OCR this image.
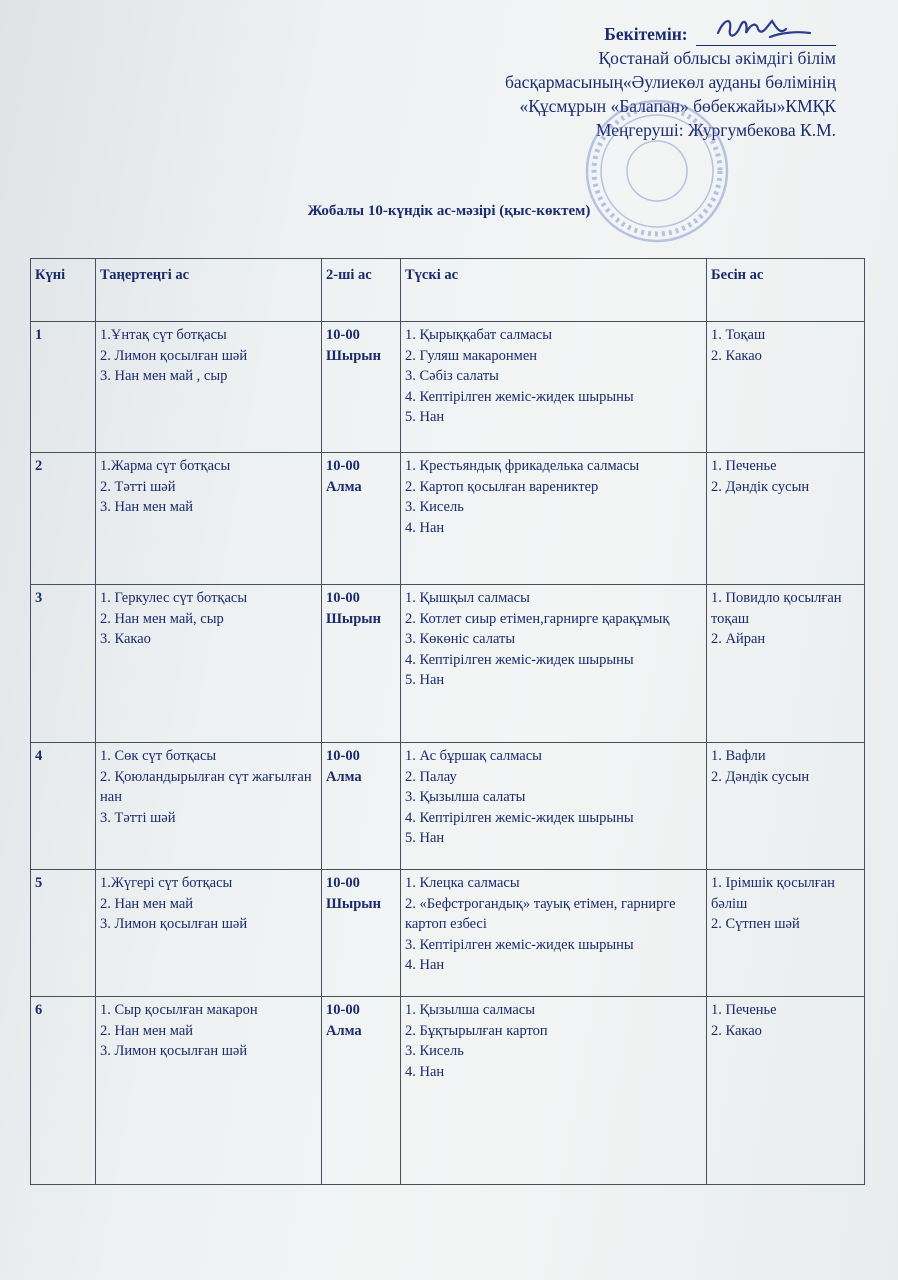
Бекітемін:
Қостанай облысы әкімдігі білім
басқармасының«Әулиекөл ауданы бөлімінің
«Құсмұрын «Балапан» бөбекжайы»КМҚК
Меңгеруші: Жургумбекова К.М.
Жобалы 10-күндік ас-мәзірі (қыс-көктем)
Күні	Таңертеңгі ас	2-ші ас	Түскі ас	Бесін ас
1	1.Ұнтақ сүт ботқасы
2. Лимон қосылған шәй
3. Нан мен май , сыр	10-00
Шырын	1. Қырыққабат салмасы
2. Гуляш макаронмен
3. Сәбіз салаты
4. Кептірілген жеміс-жидек шырыны
5. Нан	1. Тоқаш
2. Какао

2	1.Жарма сүт ботқасы
2. Тәтті шәй
3. Нан мен май	10-00
Алма	1. Крестьяндық фрикаделька салмасы
2. Картоп қосылған варениктер
3. Кисель
4. Нан	1. Печенье
2. Дәндік сусын

3	1. Геркулес сүт ботқасы
2. Нан мен май, сыр
3. Какао	10-00
Шырын	1. Қышқыл салмасы
2. Котлет сиыр етімен,гарнирге қарақұмық
3. Көкөніс салаты
4. Кептірілген жеміс-жидек шырыны
5. Нан	1. Повидло қосылған тоқаш
2. Айран

4	1. Сөк сүт ботқасы
2. Қоюландырылған сүт жағылған нан
3. Тәтті шәй	10-00
Алма	1. Ас бұршақ салмасы
2. Палау
3. Қызылша салаты
4. Кептірілген жеміс-жидек шырыны
5. Нан	1. Вафли
2. Дәндік сусын

5	1.Жүгері сүт ботқасы
2. Нан мен май
3. Лимон қосылған шәй	10-00
Шырын	1. Клецка салмасы
2. «Бефстрогандық» тауық етімен, гарнирге картоп езбесі
3. Кептірілген жеміс-жидек шырыны
4. Нан	1. Ірімшік қосылған бәліш
2. Сүтпен шәй

6	1. Сыр қосылған макарон
2. Нан мен май
3. Лимон қосылған шәй	10-00
Алма	1. Қызылша салмасы
2. Бұқтырылған картоп
3. Кисель
4. Нан	1. Печенье
2. Какао
